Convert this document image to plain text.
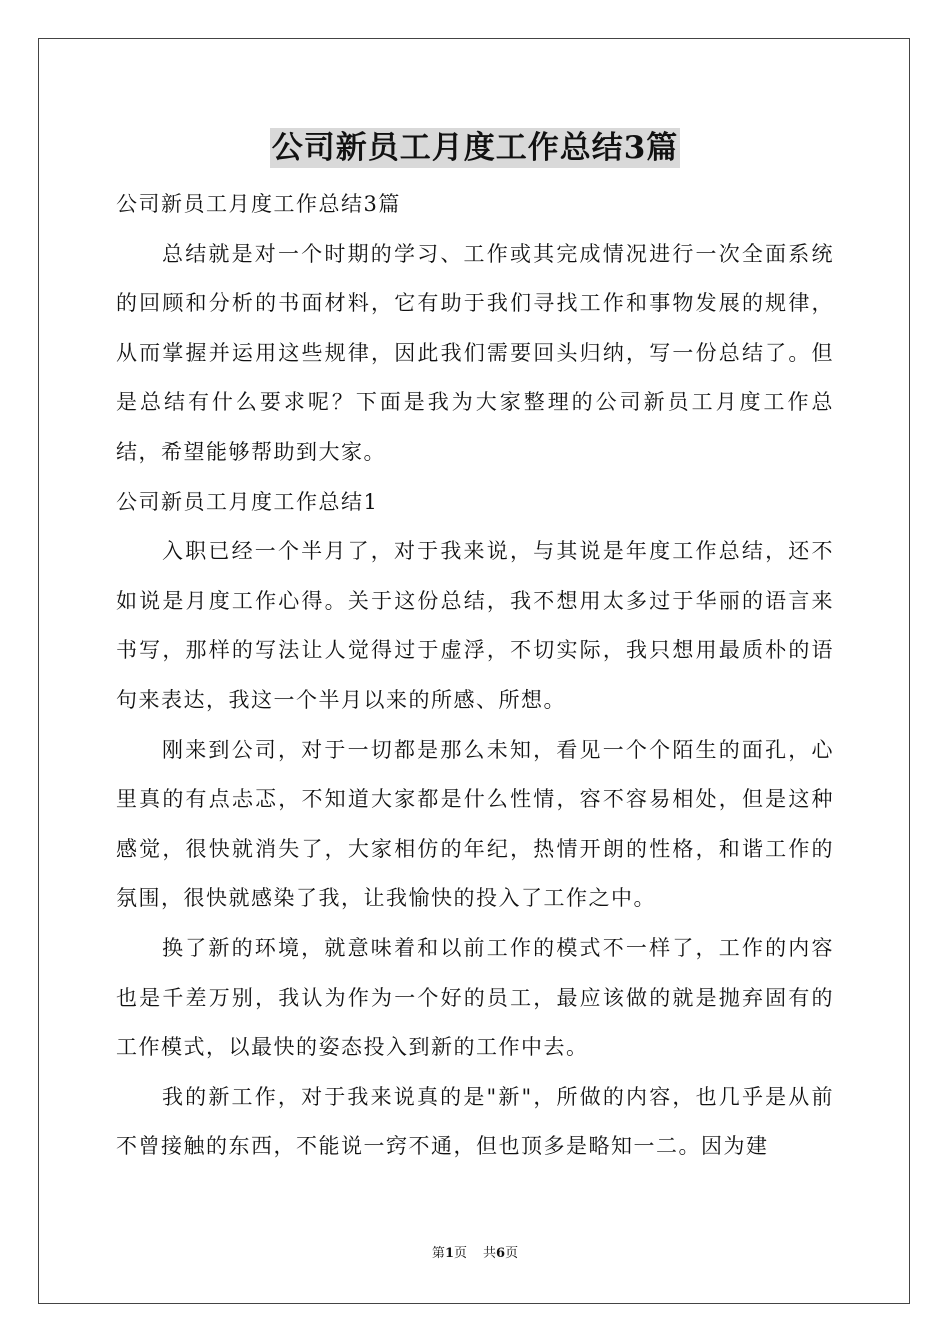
公司新员工月度工作总结3篇

公司新员工月度工作总结3篇

总结就是对一个时期的学习、工作或其完成情况进行一次全面系统的回顾和分析的书面材料，它有助于我们寻找工作和事物发展的规律，从而掌握并运用这些规律，因此我们需要回头归纳，写一份总结了。但是总结有什么要求呢？下面是我为大家整理的公司新员工月度工作总结，希望能够帮助到大家。

公司新员工月度工作总结1

入职已经一个半月了，对于我来说，与其说是年度工作总结，还不如说是月度工作心得。关于这份总结，我不想用太多过于华丽的语言来书写，那样的写法让人觉得过于虚浮，不切实际，我只想用最质朴的语句来表达，我这一个半月以来的所感、所想。

刚来到公司，对于一切都是那么未知，看见一个个陌生的面孔，心里真的有点忐忑，不知道大家都是什么性情，容不容易相处，但是这种感觉，很快就消失了，大家相仿的年纪，热情开朗的性格，和谐工作的氛围，很快就感染了我，让我愉快的投入了工作之中。

换了新的环境，就意味着和以前工作的模式不一样了，工作的内容也是千差万别，我认为作为一个好的员工，最应该做的就是抛弃固有的工作模式，以最快的姿态投入到新的工作中去。

我的新工作，对于我来说真的是"新"，所做的内容，也几乎是从前不曾接触的东西，不能说一窍不通，但也顶多是略知一二。因为建

第1页 共6页
